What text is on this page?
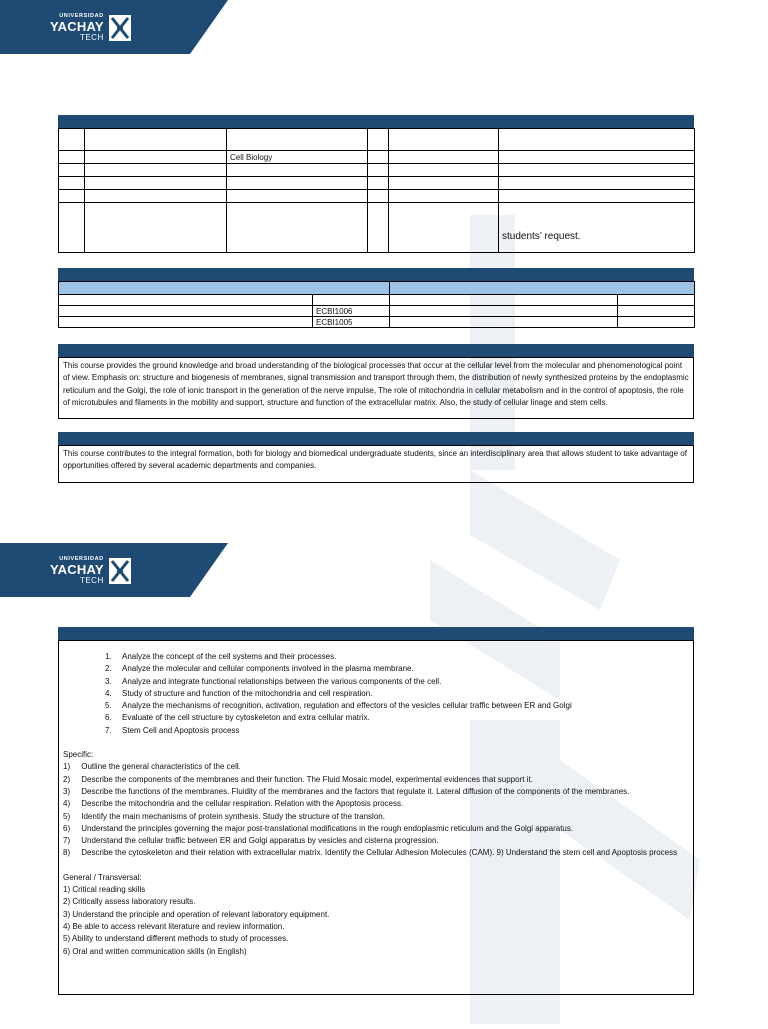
UNIVERSIDAD
YACHAY
TECH

		Cell Biology			

					students’ request.

	ECBI1006		
	ECBI1005		
This course provides the ground knowledge and broad understanding of the biological processes that occur at the cellular level from the molecular and phenomenological point of view. Emphasis on: structure and biogenesis of membranes, signal transmission and transport through them, the distribution of newly synthesized proteins by the endoplasmic reticulum and the Golgi, the role of ionic transport in the generation of the nerve impulse, The role of mitochondria in cellular metabolism and in the control of apoptosis, the role of microtubules and filaments in the mobility and support, structure and function of the extracellular matrix. Also, the study of cellular linage and stem cells.
This course contributes to the integral formation, both for biology and biomedical undergraduate students, since an interdisciplinary area that allows student to take advantage of opportunities offered by several academic departments and companies.
UNIVERSIDAD
YACHAY
TECH
1.	Analyze the concept of the cell systems and their processes.
2.	Analyze the molecular and cellular components involved in the plasma membrane.
3.	Analyze and integrate functional relationships between the various components of the cell.
4.	Study of structure and function of the mitochondria and cell respiration.
5.	Analyze the mechanisms of recognition, activation, regulation and effectors of the vesicles cellular traffic between ER and Golgi
6.	Evaluate of the cell structure by cytoskeleton and extra cellular matrix.
7.	Stem Cell and Apoptosis process
Specific:
1) Outline the general characteristics of the cell.
2) Describe the components of the membranes and their function. The Fluid Mosaic model, experimental evidences that support it.
3) Describe the functions of the membranes. Fluidity of the membranes and the factors that regulate it. Lateral diffusion of the components of the membranes.
4) Describe the mitochondria and the cellular respiration. Relation with the Apoptosis process.
5) Identify the main mechanisms of protein synthesis. Study the structure of the translon.
6) Understand the principles governing the major post-translational modifications in the rough endoplasmic reticulum and the Golgi apparatus.
7) Understand the cellular traffic between ER and Golgi apparatus by vesicles and cisterna progression.
8) Describe the cytoskeleton and their relation with extracellular matrix. Identify the Cellular Adhesion Molecules (CAM). 9) Understand the stem cell and Apoptosis process
General / Transversal:
1) Critical reading skills
2) Critically assess laboratory results.
3) Understand the principle and operation of relevant laboratory equipment.
4) Be able to access relevant literature and review information.
5) Ability to understand different methods to study of processes.
6) Oral and written communication skills (in English)
